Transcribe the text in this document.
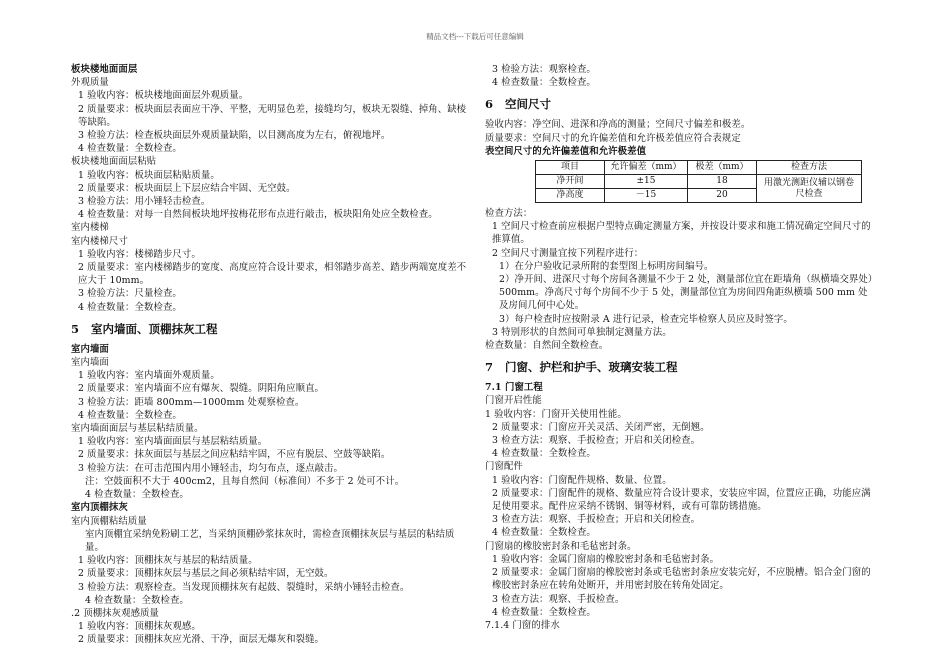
精品文档---下载后可任意编辑
板块楼地面面层
外观质量
1 验收内容：板块楼地面面层外观质量。
2 质量要求：板块面层表面应干净、平整，无明显色差，接缝均匀，板块无裂缝、掉角、缺棱等缺陷。
3 检验方法：检查板块面层外观质量缺陷，以目测高度为左右，俯视地坪。
4 检查数量：全数检查。
板块楼地面面层粘贴
1 验收内容：板块面层粘贴质量。
2 质量要求：板块面层上下层应结合牢固、无空鼓。
3 检验方法：用小锤轻击检查。
4 检查数量：对每一自然间板块地坪按梅花形布点进行敲击，板块阳角处应全数检查。
室内楼梯
室内楼梯尺寸
1 验收内容：楼梯踏步尺寸。
2 质量要求：室内楼梯踏步的宽度、高度应符合设计要求，相邻踏步高差、踏步两端宽度差不应大于 10mm。
3 检验方法：尺量检查。
4 检查数量：全数检查。
5 室内墙面、顶棚抹灰工程
室内墙面
室内墙面
1 验收内容：室内墙面外观质量。
2 质量要求：室内墙面不应有爆灰、裂缝。阴阳角应顺直。
3 检验方法：距墙 800mm—1000mm 处观察检查。
4 检查数量：全数检查。
室内墙面面层与基层粘结质量。
1 验收内容：室内墙面面层与基层粘结质量。
2 质量要求：抹灰面层与基层之间应粘结牢固，不应有脱层、空鼓等缺陷。
3 检验方法：在可击范围内用小锤轻击，均匀布点，逐点敲击。
注：空鼓面积不大于 400cm2，且每自然间（标准间）不多于 2 处可不计。
4 检查数量：全数检查。
室内顶棚抹灰
室内顶棚粘结质量
室内顶棚宜采纳免粉刷工艺，当采纳顶棚砂浆抹灰时，需检查顶棚抹灰层与基层的粘结质量。
1 验收内容：顶棚抹灰与基层的粘结质量。
2 质量要求：顶棚抹灰层与基层之间必须粘结牢固，无空鼓。
3 检验方法：观察检查。当发现顶棚抹灰有起鼓、裂缝时，采纳小锤轻击检查。
4 检查数量：全数检查。
.2 顶棚抹灰观感质量
1 验收内容：顶棚抹灰观感。
2 质量要求：顶棚抹灰应光滑、干净，面层无爆灰和裂缝。
3 检验方法：观察检查。
4 检查数量：全数检查。
6 空间尺寸
验收内容：净空间、进深和净高的测量；空间尺寸偏差和极差。
质量要求：空间尺寸的允许偏差值和允许极差值应符合表规定
表空间尺寸的允许偏差值和允许极差值
项目	允许偏差（mm）	极差（mm）	检查方法
净开间	±15	18	用激光测距仪辅以钢卷尺检查
净高度	－15	20	
检查方法：
1 空间尺寸检查前应根据户型特点确定测量方案，并按设计要求和施工情况确定空间尺寸的推算值。
2 空间尺寸测量宜按下列程序进行：
1）在分户验收记录所附的套型图上标明房间编号。
2）净开间、进深尺寸每个房间各测量不少于 2 处，测量部位宜在距墙角（纵横墙交界处）500mm。净高尺寸每个房间不少于 5 处，测量部位宜为房间四角距纵横墙 500 mm 处及房间几何中心处。
3）每户检查时应按附录 A 进行记录，检查完毕检察人员应及时签字。
3 特别形状的自然间可单独制定测量方法。
检查数量：自然间全数检查。
7 门窗、护栏和护手、玻璃安装工程
7.1 门窗工程
门窗开启性能
1 验收内容：门窗开关使用性能。
2 质量要求：门窗应开关灵活、关闭严密，无倒翘。
3 检查方法：观察、手扳检查；开启和关闭检查。
4 检查数量：全数检查。
门窗配件
1 验收内容：门窗配件规格、数量、位置。
2 质量要求：门窗配件的规格、数量应符合设计要求，安装应牢固，位置应正确，功能应满足使用要求。配件应采纳不锈钢、铜等材料，或有可靠防锈措施。
3 检查方法：观察、手扳检查；开启和关闭检查。
4 检查数量：全数检查。
门窗扇的橡胶密封条和毛毡密封条。
1 验收内容：金属门窗扇的橡胶密封条和毛毡密封条。
2 质量要求：金属门窗扇的橡胶密封条或毛毡密封条应安装完好，不应脱槽。铝合金门窗的橡胶密封条应在转角处断开，并用密封胶在转角处固定。
3 检查方法：观察、手扳检查。
4 检查数量：全数检查。
7.1.4 门窗的排水
